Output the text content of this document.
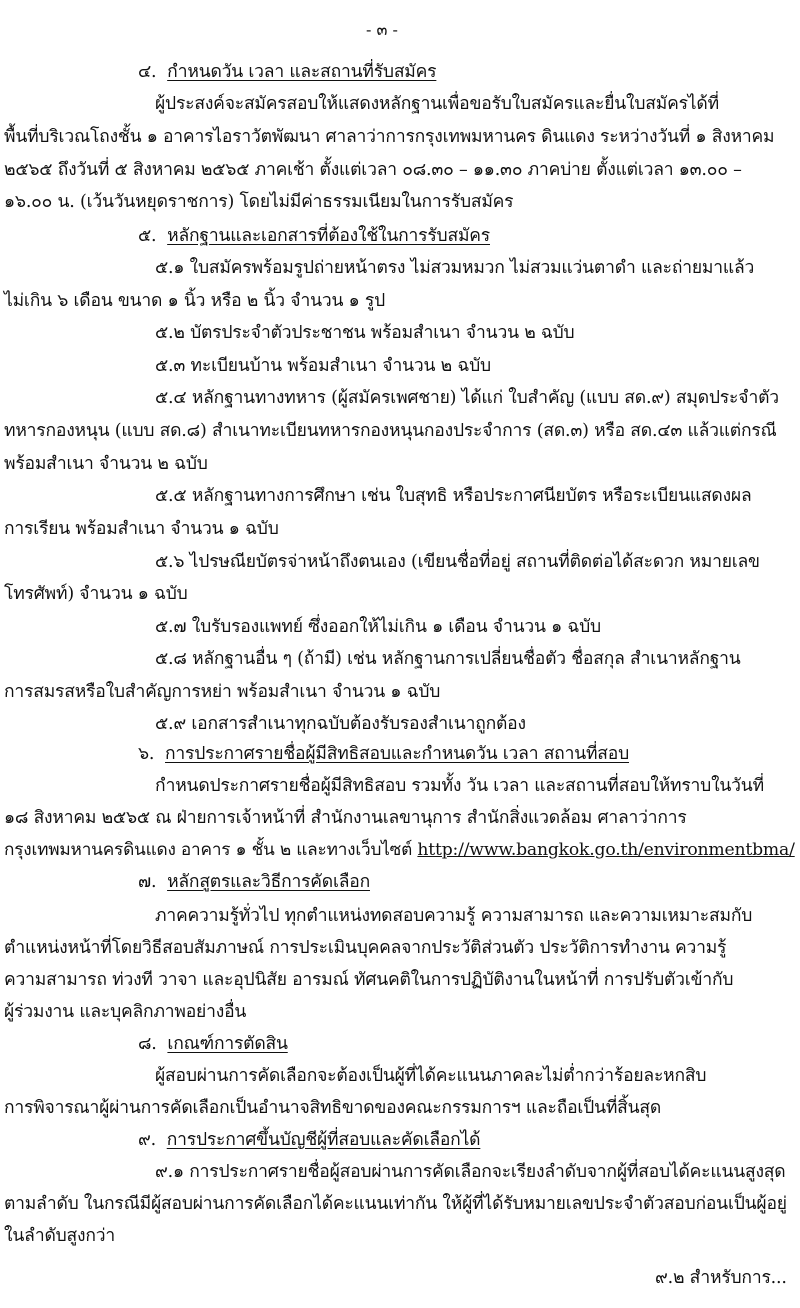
- ๓ -
๔. กำหนดวัน เวลา และสถานที่รับสมัคร
ผู้ประสงค์จะสมัครสอบให้แสดงหลักฐานเพื่อขอรับใบสมัครและยื่นใบสมัครได้ที่
พื้นที่บริเวณโถงชั้น ๑ อาคารไอราวัตพัฒนา ศาลาว่าการกรุงเทพมหานคร ดินแดง ระหว่างวันที่ ๑ สิงหาคม
๒๕๖๕ ถึงวันที่ ๕ สิงหาคม ๒๕๖๕ ภาคเช้า ตั้งแต่เวลา ๐๘.๓๐ – ๑๑.๓๐ ภาคบ่าย ตั้งแต่เวลา ๑๓.๐๐ –
๑๖.๐๐ น. (เว้นวันหยุดราชการ) โดยไม่มีค่าธรรมเนียมในการรับสมัคร
๕. หลักฐานและเอกสารที่ต้องใช้ในการรับสมัคร
๕.๑ ใบสมัครพร้อมรูปถ่ายหน้าตรง ไม่สวมหมวก ไม่สวมแว่นตาดำ และถ่ายมาแล้ว
ไม่เกิน ๖ เดือน ขนาด ๑ นิ้ว หรือ ๒ นิ้ว จำนวน ๑ รูป
๕.๒ บัตรประจำตัวประชาชน พร้อมสำเนา จำนวน ๒ ฉบับ
๕.๓ ทะเบียนบ้าน พร้อมสำเนา จำนวน ๒ ฉบับ
๕.๔ หลักฐานทางทหาร (ผู้สมัครเพศชาย) ได้แก่ ใบสำคัญ (แบบ สด.๙) สมุดประจำตัว
ทหารกองหนุน (แบบ สด.๘) สำเนาทะเบียนทหารกองหนุนกองประจำการ (สด.๓) หรือ สด.๔๓ แล้วแต่กรณี
พร้อมสำเนา จำนวน ๒ ฉบับ
๕.๕ หลักฐานทางการศึกษา เช่น ใบสุทธิ หรือประกาศนียบัตร หรือระเบียนแสดงผล
การเรียน พร้อมสำเนา จำนวน ๑ ฉบับ
๕.๖ ไปรษณียบัตรจ่าหน้าถึงตนเอง (เขียนชื่อที่อยู่ สถานที่ติดต่อได้สะดวก หมายเลข
โทรศัพท์) จำนวน ๑ ฉบับ
๕.๗ ใบรับรองแพทย์ ซึ่งออกให้ไม่เกิน ๑ เดือน จำนวน ๑ ฉบับ
๕.๘ หลักฐานอื่น ๆ (ถ้ามี) เช่น หลักฐานการเปลี่ยนชื่อตัว ชื่อสกุล สำเนาหลักฐาน
การสมรสหรือใบสำคัญการหย่า พร้อมสำเนา จำนวน ๑ ฉบับ
๕.๙ เอกสารสำเนาทุกฉบับต้องรับรองสำเนาถูกต้อง
๖. การประกาศรายชื่อผู้มีสิทธิสอบและกำหนดวัน เวลา สถานที่สอบ
กำหนดประกาศรายชื่อผู้มีสิทธิสอบ รวมทั้ง วัน เวลา และสถานที่สอบให้ทราบในวันที่
๑๘ สิงหาคม ๒๕๖๕ ณ ฝ่ายการเจ้าหน้าที่ สำนักงานเลขานุการ สำนักสิ่งแวดล้อม ศาลาว่าการ
กรุงเทพมหานครดินแดง อาคาร ๑ ชั้น ๒ และทางเว็บไซต์ http://www.bangkok.go.th/environmentbma/
๗. หลักสูตรและวิธีการคัดเลือก
ภาคความรู้ทั่วไป ทุกตำแหน่งทดสอบความรู้ ความสามารถ และความเหมาะสมกับ
ตำแหน่งหน้าที่โดยวิธีสอบสัมภาษณ์ การประเมินบุคคลจากประวัติส่วนตัว ประวัติการทำงาน ความรู้
ความสามารถ ท่วงที วาจา และอุปนิสัย อารมณ์ ทัศนคติในการปฏิบัติงานในหน้าที่ การปรับตัวเข้ากับ
ผู้ร่วมงาน และบุคลิกภาพอย่างอื่น
๘. เกณฑ์การตัดสิน
ผู้สอบผ่านการคัดเลือกจะต้องเป็นผู้ที่ได้คะแนนภาคละไม่ต่ำกว่าร้อยละหกสิบ
การพิจารณาผู้ผ่านการคัดเลือกเป็นอำนาจสิทธิขาดของคณะกรรมการฯ และถือเป็นที่สิ้นสุด
๙. การประกาศขึ้นบัญชีผู้ที่สอบและคัดเลือกได้
๙.๑ การประกาศรายชื่อผู้สอบผ่านการคัดเลือกจะเรียงลำดับจากผู้ที่สอบได้คะแนนสูงสุด
ตามลำดับ ในกรณีมีผู้สอบผ่านการคัดเลือกได้คะแนนเท่ากัน ให้ผู้ที่ได้รับหมายเลขประจำตัวสอบก่อนเป็นผู้อยู่
ในลำดับสูงกว่า
๙.๒ สำหรับการ...
